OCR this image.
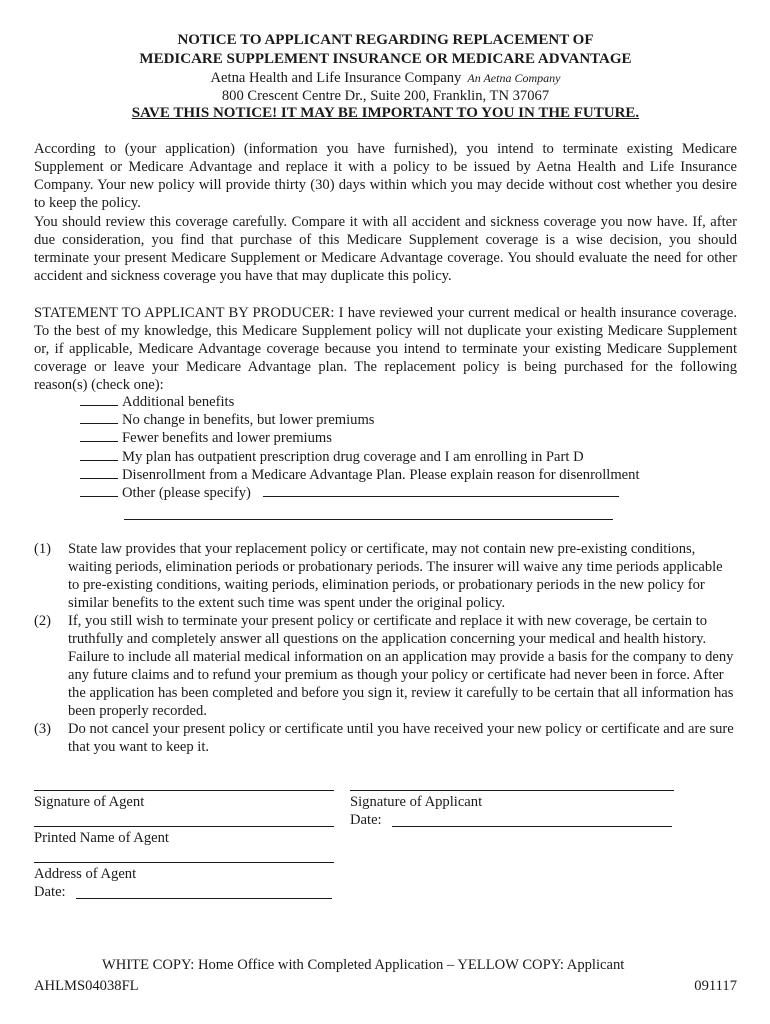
NOTICE TO APPLICANT REGARDING REPLACEMENT OF
MEDICARE SUPPLEMENT INSURANCE OR MEDICARE ADVANTAGE
Aetna Health and Life Insurance Company An Aetna Company
800 Crescent Centre Dr., Suite 200, Franklin, TN 37067
SAVE THIS NOTICE! IT MAY BE IMPORTANT TO YOU IN THE FUTURE.
According to (your application) (information you have furnished), you intend to terminate existing Medicare Supplement or Medicare Advantage and replace it with a policy to be issued by Aetna Health and Life Insurance Company. Your new policy will provide thirty (30) days within which you may decide without cost whether you desire to keep the policy.
You should review this coverage carefully. Compare it with all accident and sickness coverage you now have. If, after due consideration, you find that purchase of this Medicare Supplement coverage is a wise decision, you should terminate your present Medicare Supplement or Medicare Advantage coverage. You should evaluate the need for other accident and sickness coverage you have that may duplicate this policy.
STATEMENT TO APPLICANT BY PRODUCER: I have reviewed your current medical or health insurance coverage. To the best of my knowledge, this Medicare Supplement policy will not duplicate your existing Medicare Supplement or, if applicable, Medicare Advantage coverage because you intend to terminate your existing Medicare Supplement coverage or leave your Medicare Advantage plan. The replacement policy is being purchased for the following reason(s) (check one):
Additional benefits
No change in benefits, but lower premiums
Fewer benefits and lower premiums
My plan has outpatient prescription drug coverage and I am enrolling in Part D
Disenrollment from a Medicare Advantage Plan. Please explain reason for disenrollment
Other (please specify)
(1)	State law provides that your replacement policy or certificate, may not contain new pre-existing conditions, waiting periods, elimination periods or probationary periods. The insurer will waive any time periods applicable to pre-existing conditions, waiting periods, elimination periods, or probationary periods in the new policy for similar benefits to the extent such time was spent under the original policy.
(2)	If, you still wish to terminate your present policy or certificate and replace it with new coverage, be certain to truthfully and completely answer all questions on the application concerning your medical and health history. Failure to include all material medical information on an application may provide a basis for the company to deny any future claims and to refund your premium as though your policy or certificate had never been in force. After the application has been completed and before you sign it, review it carefully to be certain that all information has been properly recorded.
(3)	Do not cancel your present policy or certificate until you have received your new policy or certificate and are sure that you want to keep it.
Signature of Agent
Printed Name of Agent
Address of Agent
Date:
Signature of Applicant
Date:
WHITE COPY: Home Office with Completed Application – YELLOW COPY: Applicant
AHLMS04038FL	091117
